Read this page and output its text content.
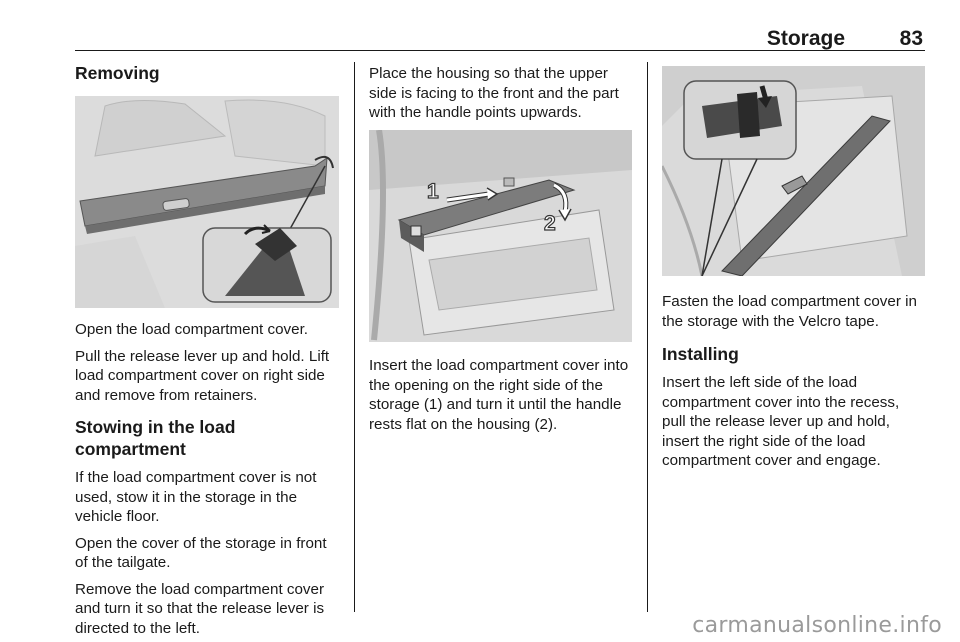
Storage	83
Removing

Open the load compartment cover.

Pull the release lever up and hold. Lift load compartment cover on right side and remove from retainers.

Stowing in the load compartment

If the load compartment cover is not used, stow it in the storage in the vehicle floor.

Open the cover of the storage in front of the tailgate.

Remove the load compartment cover and turn it so that the release lever is directed to the left.

Place the housing so that the upper side is facing to the front and the part with the handle points upwards.

1
2

Insert the load compartment cover into the opening on the right side of the storage (1) and turn it until the handle rests flat on the housing (2).

Fasten the load compartment cover in the storage with the Velcro tape.

Installing

Insert the left side of the load compartment cover into the recess, pull the release lever up and hold, insert the right side of the load compartment cover and engage.

carmanualsonline.info
